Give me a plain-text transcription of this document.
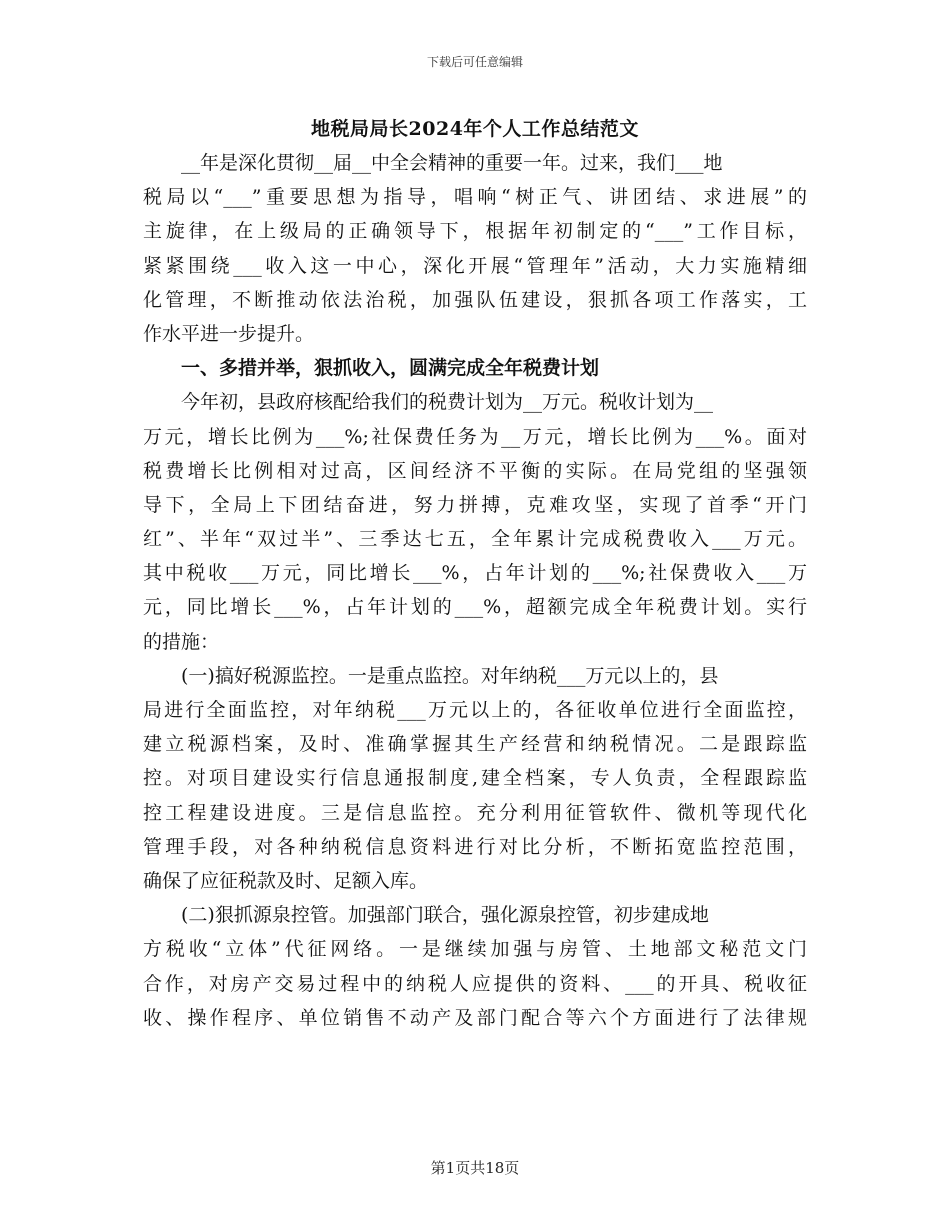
下载后可任意编辑
地税局局长2024年个人工作总结范文
__年是深化贯彻__届__中全会精神的重要一年。过来，我们___地
税局以“___”重要思想为指导，唱响“树正气、讲团结、求进展”的
主旋律，在上级局的正确领导下，根据年初制定的“___”工作目标，
紧紧围绕___收入这一中心，深化开展“管理年”活动，大力实施精细
化管理，不断推动依法治税，加强队伍建设，狠抓各项工作落实，工
作水平进一步提升。
一、多措并举，狠抓收入，圆满完成全年税费计划
今年初，县政府核配给我们的税费计划为__万元。税收计划为__
万元，增长比例为___%;社保费任务为__万元，增长比例为___%。面对
税费增长比例相对过高，区间经济不平衡的实际。在局党组的坚强领
导下，全局上下团结奋进，努力拼搏，克难攻坚，实现了首季“开门
红”、半年“双过半”、三季达七五，全年累计完成税费收入___万元。
其中税收___万元，同比增长___%，占年计划的___%;社保费收入___万
元，同比增长___%，占年计划的___%，超额完成全年税费计划。实行
的措施：
(一)搞好税源监控。一是重点监控。对年纳税___万元以上的，县
局进行全面监控，对年纳税___万元以上的，各征收单位进行全面监控，
建立税源档案，及时、准确掌握其生产经营和纳税情况。二是跟踪监
控。对项目建设实行信息通报制度,建全档案，专人负责，全程跟踪监
控工程建设进度。三是信息监控。充分利用征管软件、微机等现代化
管理手段，对各种纳税信息资料进行对比分析，不断拓宽监控范围，
确保了应征税款及时、足额入库。
(二)狠抓源泉控管。加强部门联合，强化源泉控管，初步建成地
方税收“立体”代征网络。一是继续加强与房管、土地部文秘范文门
合作，对房产交易过程中的纳税人应提供的资料、___的开具、税收征
收、操作程序、单位销售不动产及部门配合等六个方面进行了法律规
第1页共18页
